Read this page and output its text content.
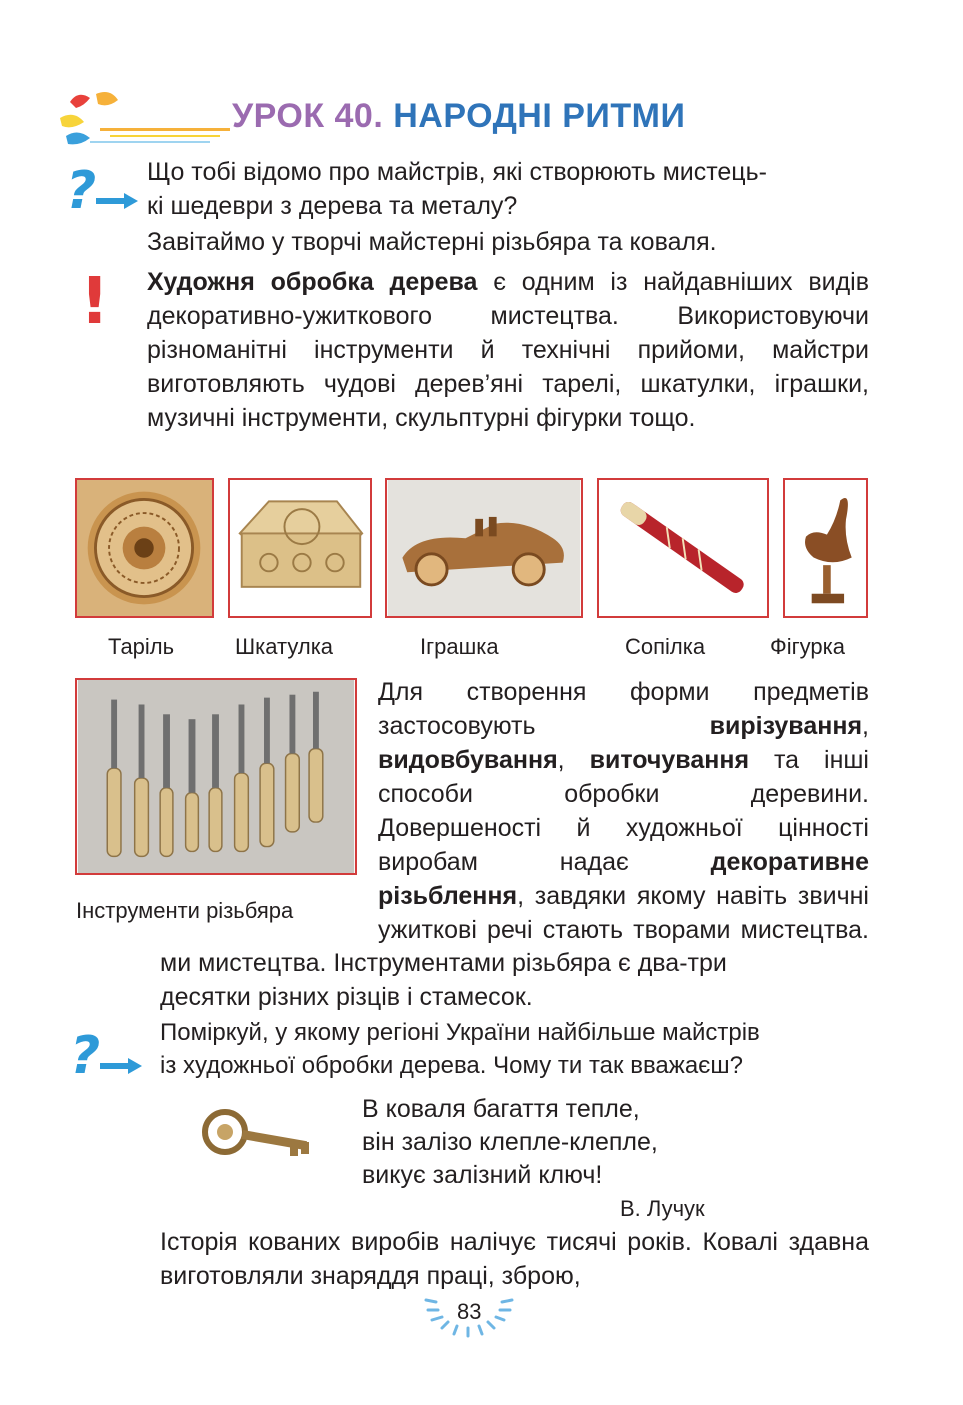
УРОК 40. НАРОДНІ РИТМИ
? Що тобі відомо про майстрів, які створюють мистець-
кі шедеври з дерева та металу?
Завітаймо у творчі майстерні різьбяра та коваля.
! Художня обробка дерева є одним із найдавніших видів декоративно-ужиткового мистецтва. Використовуючи різноманітні інструменти й технічні прийоми, майстри виготовляють чудові дерев’яні тарелі, шкатулки, іграшки, музичні інструменти, скульптурні фігурки тощо.
Таріль	Шкатулка	Іграшка	Сопілка	Фігурка
Інструменти різьбяра
Для створення форми предметів застосовують вирізування, видовбування, виточування та інші способи обробки деревини. Довершеності й художньої цінності виробам надає декоративне різьблення, завдяки якому навіть звичні ужиткові речі стають творами мистецтва.
ми мистецтва. Інструментами різьбяра є два-три
десятки різних різців і стамесок.
? Поміркуй, у якому регіоні України найбільше майстрів
із художньої обробки дерева. Чому ти так вважаєш?
В коваля багаття тепле,
він залізо клепле-клепле,
викує залізний ключ!
В. Лучук
Історія кованих виробів налічує тисячі років. Ковалі здавна виготовляли знаряддя праці, зброю,
83
